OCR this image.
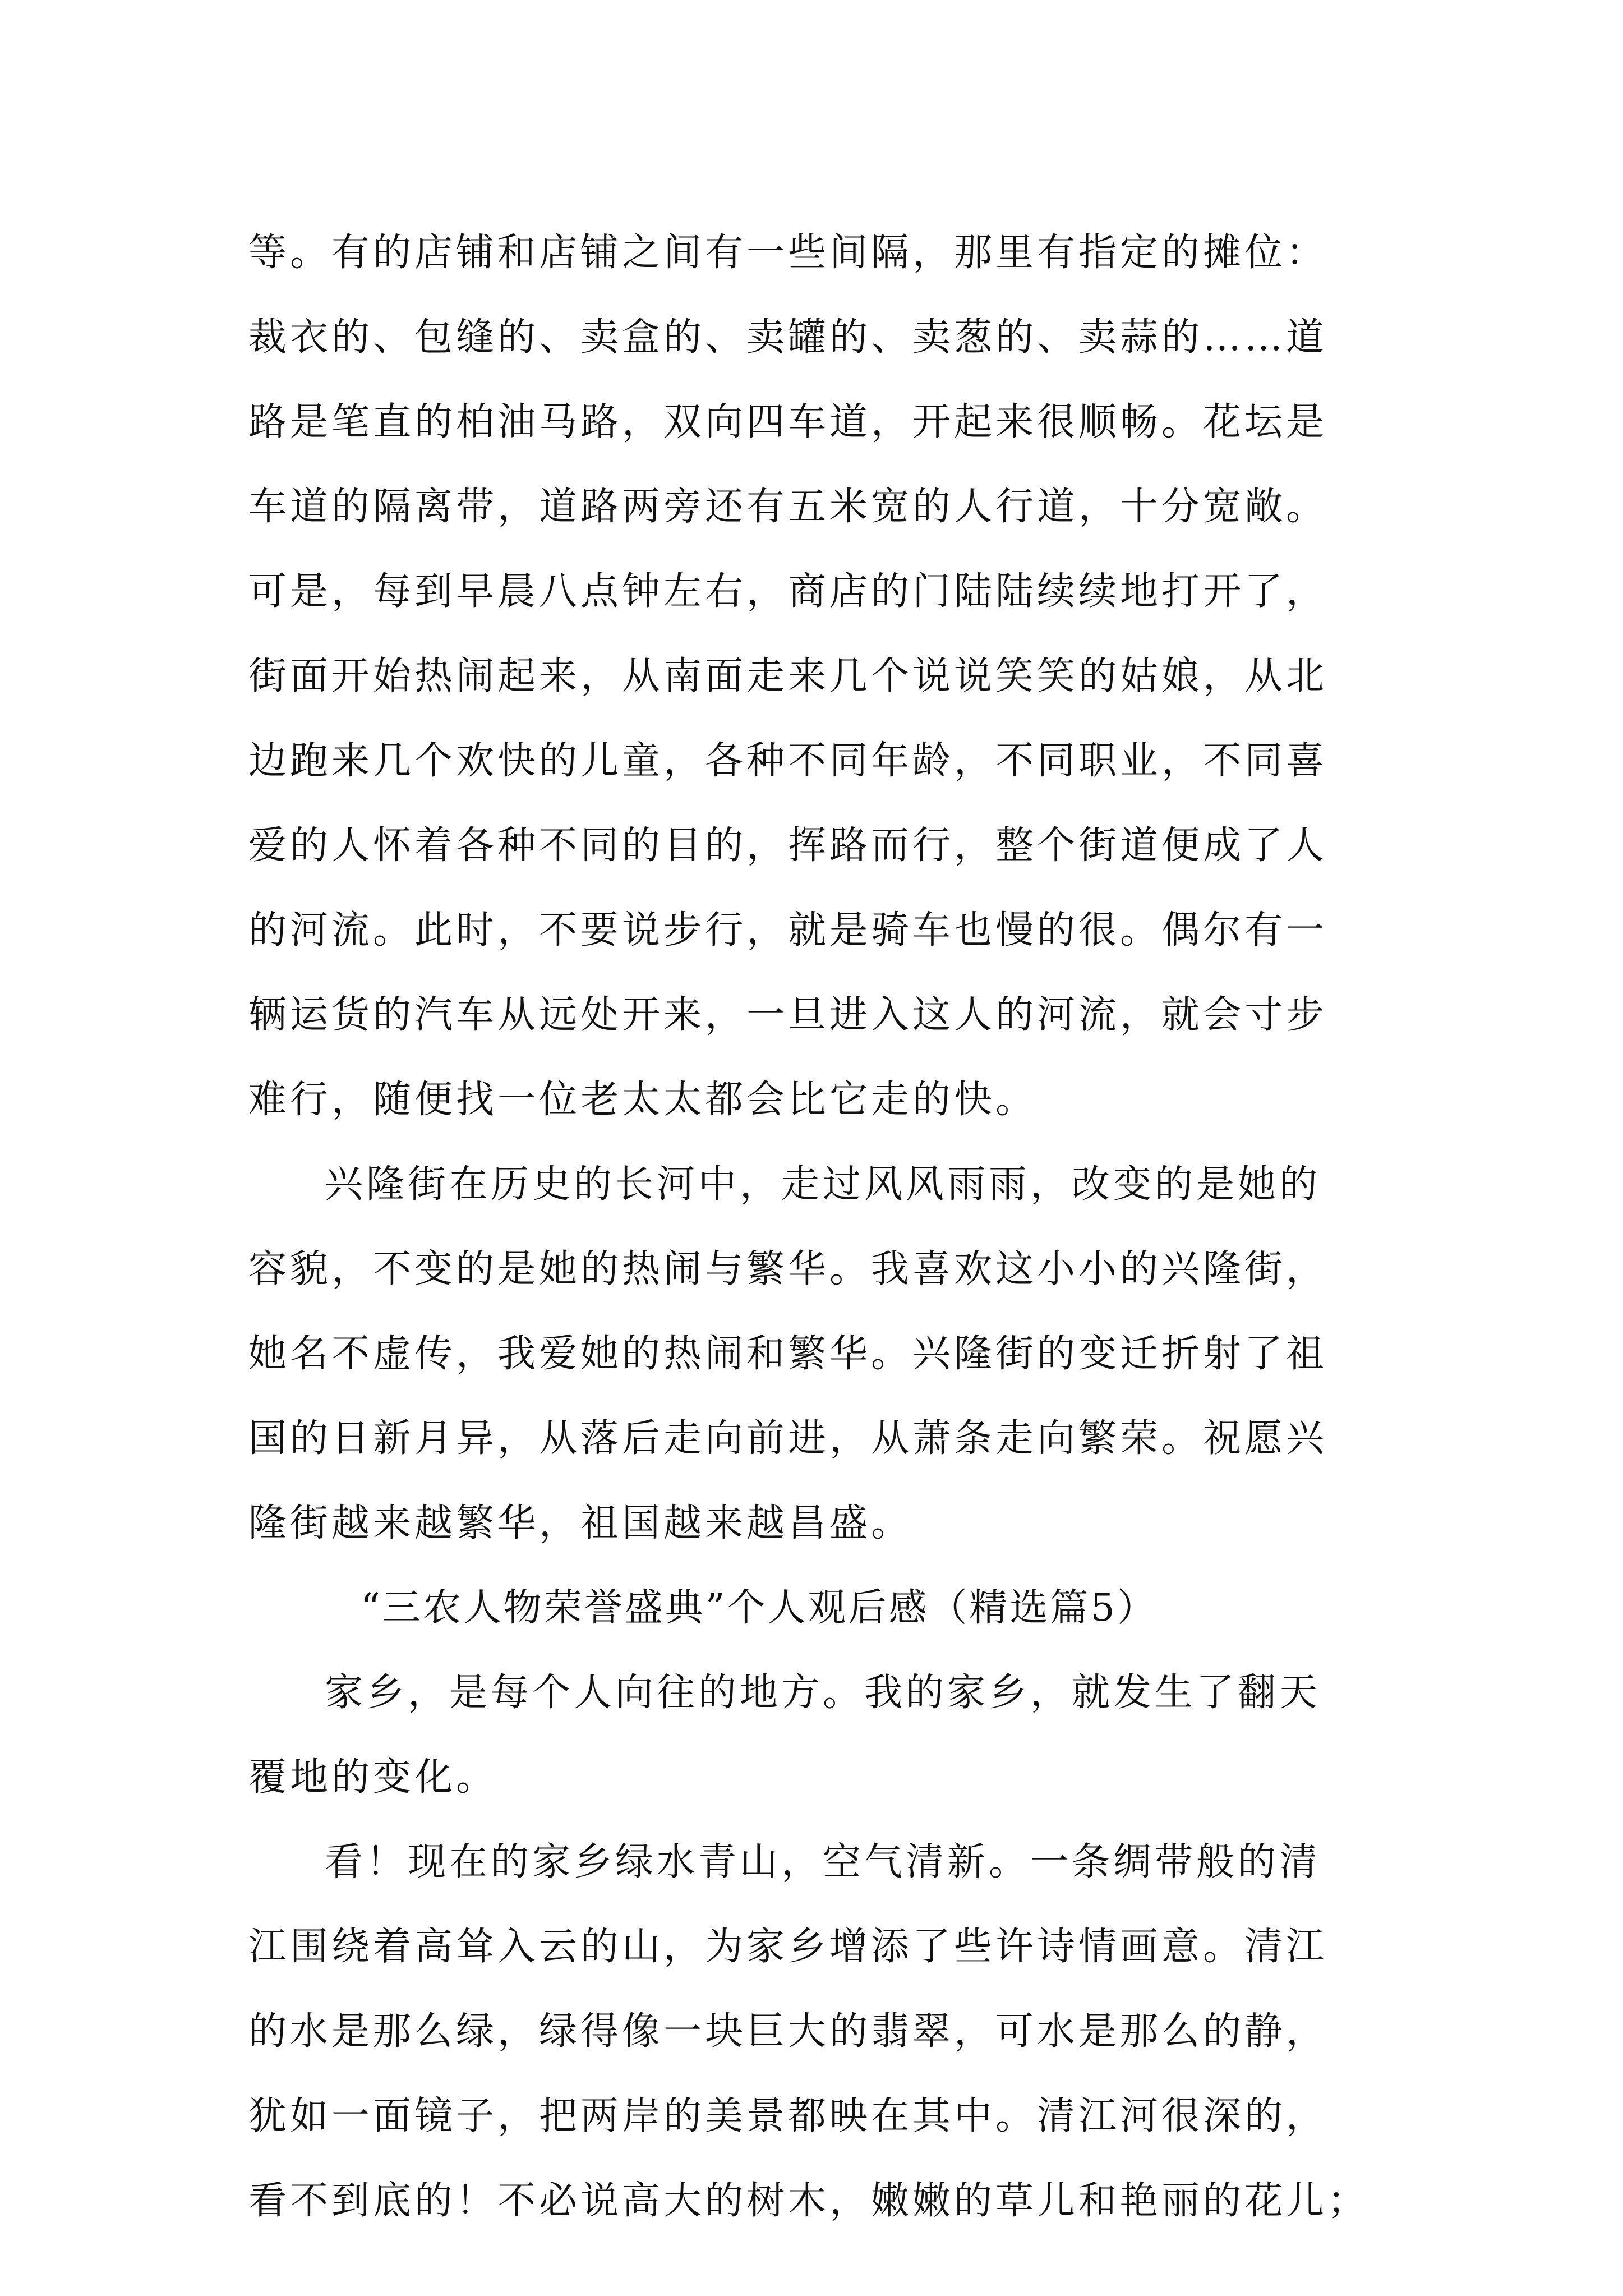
等。有的店铺和店铺之间有一些间隔，那里有指定的摊位：
裁衣的、包缝的、卖盒的、卖罐的、卖葱的、卖蒜的……道
路是笔直的柏油马路，双向四车道，开起来很顺畅。花坛是
车道的隔离带，道路两旁还有五米宽的人行道，十分宽敞。
可是，每到早晨八点钟左右，商店的门陆陆续续地打开了，
街面开始热闹起来，从南面走来几个说说笑笑的姑娘，从北
边跑来几个欢快的儿童，各种不同年龄，不同职业，不同喜
爱的人怀着各种不同的目的，挥路而行，整个街道便成了人
的河流。此时，不要说步行，就是骑车也慢的很。偶尔有一
辆运货的汽车从远处开来，一旦进入这人的河流，就会寸步
难行，随便找一位老太太都会比它走的快。
兴隆街在历史的长河中，走过风风雨雨，改变的是她的
容貌，不变的是她的热闹与繁华。我喜欢这小小的兴隆街，
她名不虚传，我爱她的热闹和繁华。兴隆街的变迁折射了祖
国的日新月异，从落后走向前进，从萧条走向繁荣。祝愿兴
隆街越来越繁华，祖国越来越昌盛。
“三农人物荣誉盛典”个人观后感（精选篇5）
家乡，是每个人向往的地方。我的家乡，就发生了翻天
覆地的变化。
看！现在的家乡绿水青山，空气清新。一条绸带般的清
江围绕着高耸入云的山，为家乡增添了些许诗情画意。清江
的水是那么绿，绿得像一块巨大的翡翠，可水是那么的静，
犹如一面镜子，把两岸的美景都映在其中。清江河很深的，
看不到底的！不必说高大的树木，嫩嫩的草儿和艳丽的花儿；
